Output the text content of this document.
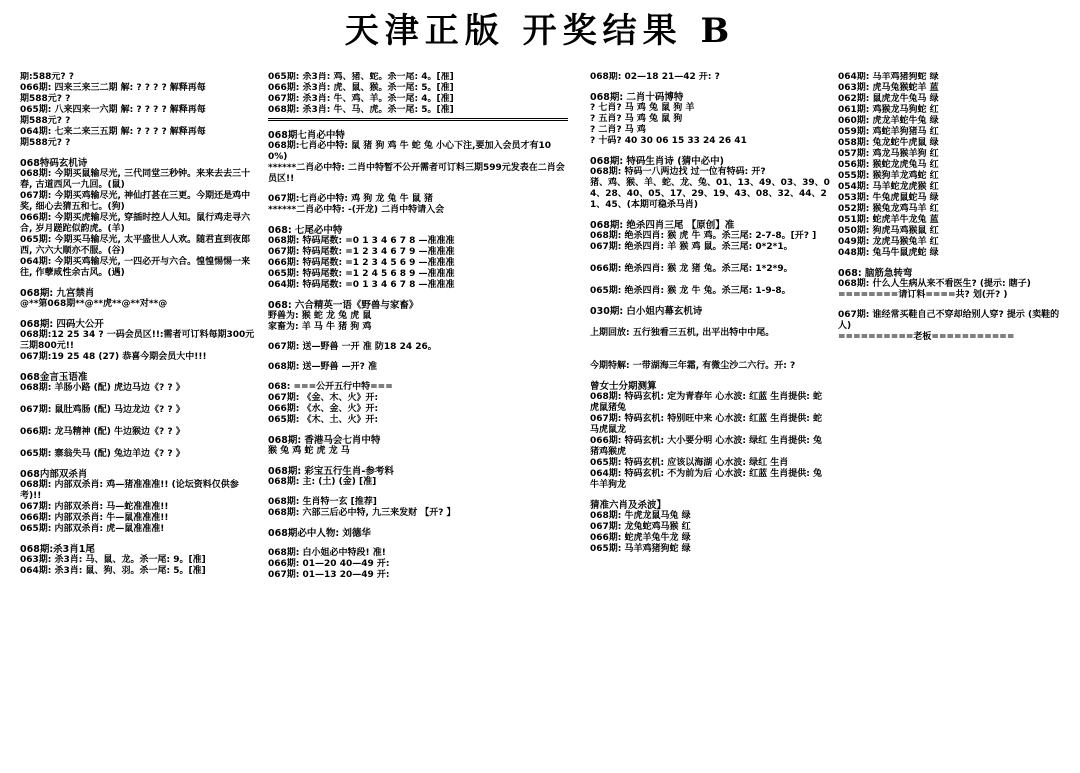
天津正版 开奖结果 B
期:588元? ?
066期: 四来三来三二期 解: ? ? ? ? 解释再每
期588元? ?
065期: 八来四来一六期 解: ? ? ? ? 解释再每
期588元? ?
064期: 七来二来三五期 解: ? ? ? ? 解释再每
期588元? ?
068特码玄机诗
068期: 今期买鼠输尽光, 三代同堂三秒钟。来来去去三十春, 古道西风一九回。(鼠)
067期: 今期买鸡输尽光, 神仙打甚在三更。今期还是鸡中奖, 细心去猜五和七。(狗)
066期: 今期买虎输尽光, 穿插时控人人知。鼠行鸡走寻六合, 岁月蹉跎似韵虎。(羊)
065期: 今期买马输尽光, 太平盛世人人欢。随君直到夜郎西, 六六大顺亦不服。(谷)
064期: 今期买鸡输尽光, 一四必开与六合。惶惶惕惕一来往, 作孽咸性余古风。(遇)
068期: 九宫禁肖
@**第068期**@**虎**@**对**@
068期: 四码大公开
068期:12 25 34 ? 一码会员区!!:需者可订料每期300元三期800元!!
067期:19 25 48 (27) 恭喜今期会员大中!!!
068金言玉语准
068期: 羊肠小路 (配) 虎边马边《? ? 》

067期: 鼠肚鸡肠 (配) 马边龙边《? ? 》

066期: 龙马精神 (配) 牛边猴边《? ? 》

065期: 寨翁失马 (配) 兔边羊边《? ? 》
068内部双杀肖
068期: 内部双杀肖: 鸡—猪准准准!! (论坛资料仅供参考)!!
067期: 内部双杀肖: 马—蛇准准准!!
066期: 内部双杀肖: 牛—鼠准准准!!
065期: 内部双杀肖: 虎—鼠准准准!
068期:杀3肖1尾
063期: 杀3肖: 马、鼠、龙。杀一尾: 9。[准]
064期: 杀3肖: 鼠、狗、羽。杀一尾: 5。[准]
065期: 杀3肖: 鸡、猪、蛇。杀一尾: 4。[准]
066期: 杀3肖: 虎、鼠、猴。杀一尾: 5。[准]
067期: 杀3肖: 牛、鸡、羊。杀一尾: 4。[准]
068期: 杀3肖: 牛、马、虎。杀一尾: 5。[准]
068期七肖必中特
068期:七肖必中特: 鼠 猪 狗 鸡 牛 蛇 兔 小心下注,要加入会员才有100%)
******二肖必中特: 二肖中特暂不公开需者可订料三期599元发表在二肖会员区!!
067期:七肖必中特: 鸡 狗 龙 兔 牛 鼠 猪
******二肖必中特: -(开龙) 二肖中特请入会
068: 七尾必中特
068期: 特码尾数: =0 1 3 4 6 7 8 —准准准
067期: 特码尾数: =1 2 3 4 6 7 9 —准准准
066期: 特码尾数: =1 2 3 4 5 6 9 —准准准
065期: 特码尾数: =1 2 4 5 6 8 9 —准准准
064期: 特码尾数: =0 1 3 4 6 7 8 —准准准
068: 六合精英一语《野兽与家畜》
野兽为: 猴 蛇 龙 兔 虎 鼠
家畜为: 羊 马 牛 猪 狗 鸡
067期: 送—野兽 一开 准 防18 24 26。
068期: 送—野兽 —开? 准
068: ===公开五行中特===
067期: 《金、木、火》开:
066期: 《水、金、火》开:
065期: 《木、土、火》开:
068期: 香港马会七肖中特
猴 兔 鸡 蛇 虎 龙 马
068期: 彩宝五行生肖-参考料
068期: 主: (土) (金) [准]
068期: 生肖特一玄 [推荐]
068期: 六部三后必中特, 九三来发财 【开? 】
068期必中人物: 刘德华
068期: 白小姐必中特段! 准!
066期: 01—20 40—49 开:
067期: 01—13 20—49 开:
068期: 02—18 21—42 开: ?
068期: 二肖十码博特
? 七肖? 马 鸡 兔 鼠 狗 羊
? 五肖? 马 鸡 兔 鼠 狗
? 二肖? 马 鸡
? 十码? 40 30 06 15 33 24 26 41
068期: 特码生肖诗 (猜中必中)
068期: 特码一八两边找 过一位有特码: 开?
猪、鸡、猴、羊、蛇、龙、兔、01、13、49、03、39、04、28、40、05、17、29、19、43、08、32、44、21、45、(本期可稳杀马肖)
068期: 绝杀四肖三尾 【原创】准
068期: 绝杀四肖: 猴 虎 牛 鸡。杀三尾: 2-7-8。[开? ]
067期: 绝杀四肖: 羊 猴 鸡 鼠。杀三尾: 0*2*1。

066期: 绝杀四肖: 猴 龙 猪 兔。杀三尾: 1*2*9。

065期: 绝杀四肖: 猴 龙 牛 兔。杀三尾: 1-9-8。
030期: 白小姐内幕玄机诗

上期回放: 五行独看三五机, 出平出特中中尾。

今期特解: 一带湖海三年霜, 有微尘沙二六行。开: ?
曾女士分期测算
068期: 特码玄机: 定为青春年 心水波: 红蓝 生肖提供: 蛇虎鼠猪兔
067期: 特码玄机: 特别旺中来 心水波: 红蓝 生肖提供: 蛇马虎鼠龙
066期: 特码玄机: 大小要分明 心水波: 绿红 生肖提供: 兔猪鸡猴虎
065期: 特码玄机: 应该以海湖 心水波: 绿红 生肖
064期: 特码玄机: 不为前为后 心水波: 红蓝 生肖提供: 兔牛羊狗龙
猜准六肖及杀波】
068期: 牛虎龙鼠马兔 绿
067期: 龙兔蛇鸡马猴 红
066期: 蛇虎羊兔牛龙 绿
065期: 马羊鸡猪狗蛇 绿
064期: 马羊鸡猪狗蛇 绿
063期: 虎马兔猴蛇羊 蓝
062期: 鼠虎龙牛兔马 绿
061期: 鸡猴龙马狗蛇 红
060期: 虎龙羊蛇牛兔 绿
059期: 鸡蛇羊狗猪马 红
058期: 兔龙蛇牛虎鼠 绿
057期: 鸡龙马猴羊狗 红
056期: 猴蛇龙虎兔马 红
055期: 猴狗羊龙鸡蛇 红
054期: 马羊蛇龙虎猴 红
053期: 牛兔虎鼠蛇马 绿
052期: 猴兔龙鸡马羊 红
051期: 蛇虎羊牛龙兔 蓝
050期: 狗虎马鸡猴鼠 红
049期: 龙虎马猴兔羊 红
048期: 兔马牛鼠虎蛇 绿
068: 脑筋急转弯
068期: 什么人生病从来不看医生? (提示: 瞎子)
========请订料====共? 划(开? )
067期: 谁经常买鞋自己不穿却给别人穿? 提示 (卖鞋的人)
==========老板===========
